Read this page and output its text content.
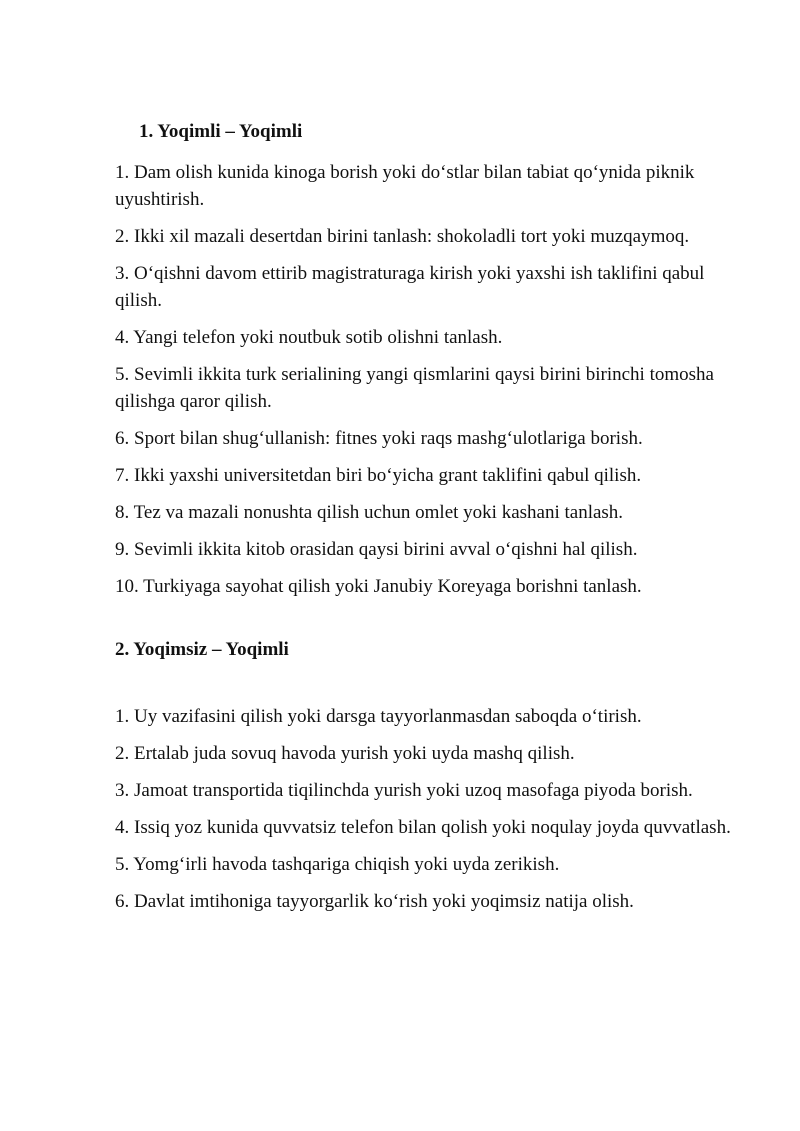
1. Yoqimli – Yoqimli
1. Dam olish kunida kinoga borish yoki do‘stlar bilan tabiat qo‘ynida piknik uyushtirish.
2. Ikki xil mazali desertdan birini tanlash: shokoladli tort yoki muzqaymoq.
3. O‘qishni davom ettirib magistraturaga kirish yoki yaxshi ish taklifini qabul qilish.
4. Yangi telefon yoki noutbuk sotib olishni tanlash.
5. Sevimli ikkita turk serialining yangi qismlarini qaysi birini birinchi tomosha qilishga qaror qilish.
6. Sport bilan shug‘ullanish: fitnes yoki raqs mashg‘ulotlariga borish.
7. Ikki yaxshi universitetdan biri bo‘yicha grant taklifini qabul qilish.
8. Tez va mazali nonushta qilish uchun omlet yoki kashani tanlash.
9. Sevimli ikkita kitob orasidan qaysi birini avval o‘qishni hal qilish.
10. Turkiyaga sayohat qilish yoki Janubiy Koreyaga borishni tanlash.
2. Yoqimsiz – Yoqimli
1. Uy vazifasini qilish yoki darsga tayyorlanmasdan saboqda o‘tirish.
2. Ertalab juda sovuq havoda yurish yoki uyda mashq qilish.
3. Jamoat transportida tiqilinchda yurish yoki uzoq masofaga piyoda borish.
4. Issiq yoz kunida quvvatsiz telefon bilan qolish yoki noqulay joyda quvvatlash.
5. Yomg‘irli havoda tashqariga chiqish yoki uyda zerikish.
6. Davlat imtihoniga tayyorgarlik ko‘rish yoki yoqimsiz natija olish.
